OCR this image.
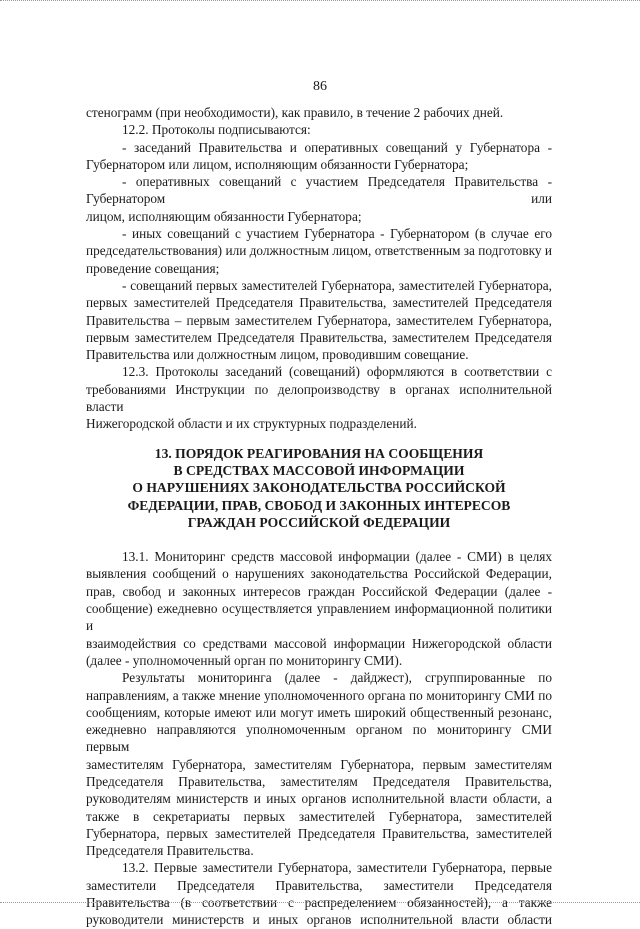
86

стенограмм (при необходимости), как правило, в течение 2 рабочих дней.

12.2. Протоколы подписываются:

- заседаний Правительства и оперативных совещаний у Губернатора -

Губернатором или лицом, исполняющим обязанности Губернатора;

- оперативных совещаний с участием Председателя Правительства - Губернатором или

лицом, исполняющим обязанности Губернатора;

- иных совещаний с участием Губернатора - Губернатором (в случае его

председательствования) или должностным лицом, ответственным за подготовку и

проведение совещания;

- совещаний первых заместителей Губернатора, заместителей Губернатора,

первых заместителей Председателя Правительства, заместителей Председателя

Правительства – первым заместителем Губернатора, заместителем Губернатора,

первым заместителем Председателя Правительства, заместителем Председателя

Правительства или должностным лицом, проводившим совещание.

12.3. Протоколы заседаний (совещаний) оформляются в соответствии с

требованиями Инструкции по делопроизводству в органах исполнительной власти

Нижегородской области и их структурных подразделений.

13. ПОРЯДОК РЕАГИРОВАНИЯ НА СООБЩЕНИЯ
В СРЕДСТВАХ МАССОВОЙ ИНФОРМАЦИИ
О НАРУШЕНИЯХ ЗАКОНОДАТЕЛЬСТВА РОССИЙСКОЙ
ФЕДЕРАЦИИ, ПРАВ, СВОБОД И ЗАКОННЫХ ИНТЕРЕСОВ
ГРАЖДАН РОССИЙСКОЙ ФЕДЕРАЦИИ

13.1. Мониторинг средств массовой информации (далее - СМИ) в целях

выявления сообщений о нарушениях законодательства Российской Федерации,

прав, свобод и законных интересов граждан Российской Федерации (далее -

сообщение) ежедневно осуществляется управлением информационной политики и

взаимодействия со средствами массовой информации Нижегородской области

(далее - уполномоченный орган по мониторингу СМИ).

Результаты мониторинга (далее - дайджест), сгруппированные по

направлениям, а также мнение уполномоченного органа по мониторингу СМИ по

сообщениям, которые имеют или могут иметь широкий общественный резонанс,

ежедневно направляются уполномоченным органом по мониторингу СМИ первым

заместителям Губернатора, заместителям Губернатора, первым заместителям

Председателя Правительства, заместителям Председателя Правительства,

руководителям министерств и иных органов исполнительной власти области, а

также в секретариаты первых заместителей Губернатора, заместителей

Губернатора, первых заместителей Председателя Правительства, заместителей

Председателя Правительства.

13.2. Первые заместители Губернатора, заместители Губернатора, первые

заместители Председателя Правительства, заместители Председателя

Правительства (в соответствии с распределением обязанностей), а также

руководители министерств и иных органов исполнительной власти области
